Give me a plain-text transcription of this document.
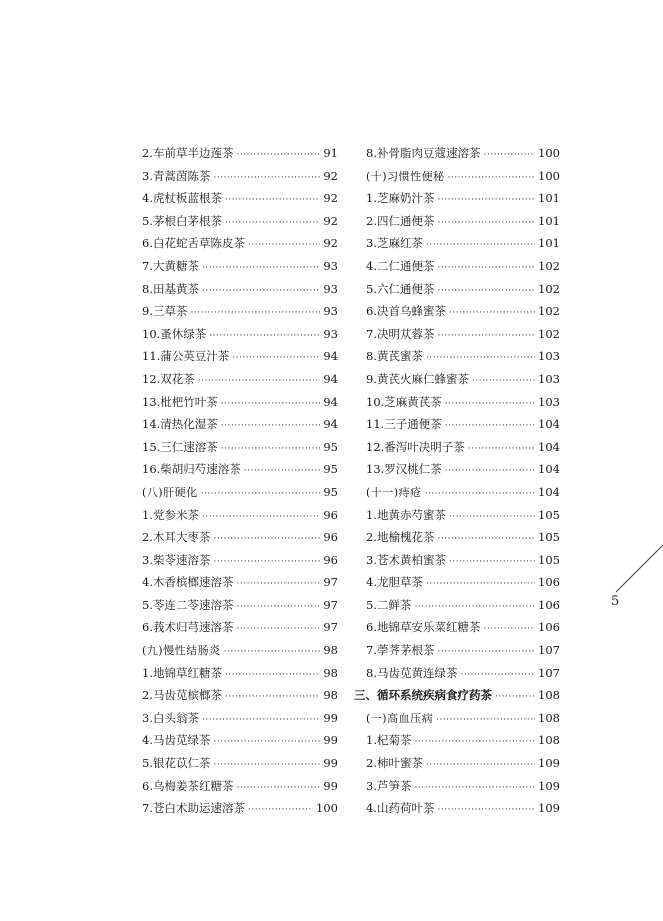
2.车前草半边莲茶 ·····	91
3.青蒿茵陈茶 ·····	92
4.虎杖板蓝根茶 ·····	92
5.茅根白茅根茶 ·····	92
6.白花蛇舌草陈皮茶 ·····	92
7.大黄糖茶 ·····	93
8.田基黄茶 ·····	93
9.三草茶 ·····	93
10.蚤休绿茶 ·····	93
11.蒲公英豆汁茶 ·····	94
12.双花茶 ·····	94
13.枇杷竹叶茶 ·····	94
14.清热化湿茶 ·····	94
15.三仁速溶茶 ·····	95
16.柴胡归芍速溶茶 ·····	95
(八)肝硬化 ·····	95
1.党参米茶 ·····	96
2.木耳大枣茶 ·····	96
3.柴苓速溶茶 ·····	96
4.木香槟榔速溶茶 ·····	97
5.苓连二苓速溶茶 ·····	97
6.莪术归芎速溶茶 ·····	97
(九)慢性结肠炎 ·····	98
1.地锦草红糖茶 ·····	98
2.马齿苋槟榔茶 ·····	98
3.白头翁茶 ·····	99
4.马齿苋绿茶 ·····	99
5.银花苡仁茶 ·····	99
6.乌梅姜茶红糖茶 ·····	99
7.苍白术助运速溶茶 ·····	100
8.补骨脂肉豆蔻速溶茶 ·····	100
(十)习惯性便秘 ·····	100
1.芝麻奶汁茶 ·····	101
2.四仁通便茶 ·····	101
3.芝麻红茶 ·····	101
4.二仁通便茶 ·····	102
5.六仁通便茶 ·····	102
6.决首乌蜂蜜茶 ·····	102
7.决明苁蓉茶 ·····	102
8.黄芪蜜茶 ·····	103
9.黄芪火麻仁蜂蜜茶 ·····	103
10.芝麻黄芪茶 ·····	103
11.三子通便茶 ·····	104
12.番泻叶决明子茶 ·····	104
13.罗汉桃仁茶 ·····	104
(十一)痔疮 ·····	104
1.地黄赤芍蜜茶 ·····	105
2.地榆槐花茶 ·····	105
3.苍术黄柏蜜茶 ·····	105
4.龙胆草茶 ·····	106
5.二鲜茶 ·····	106
6.地锦草安乐菜红糖茶 ·····	106
7.荸荠茅根茶 ·····	107
8.马齿苋黄连绿茶 ·····	107
三、循环系统疾病食疗药茶 ·····	108
(一)高血压病 ·····	108
1.杞菊茶 ·····	108
2.柿叶蜜茶 ·····	109
3.芦笋茶 ·····	109
4.山药荷叶茶 ·····	109
5
